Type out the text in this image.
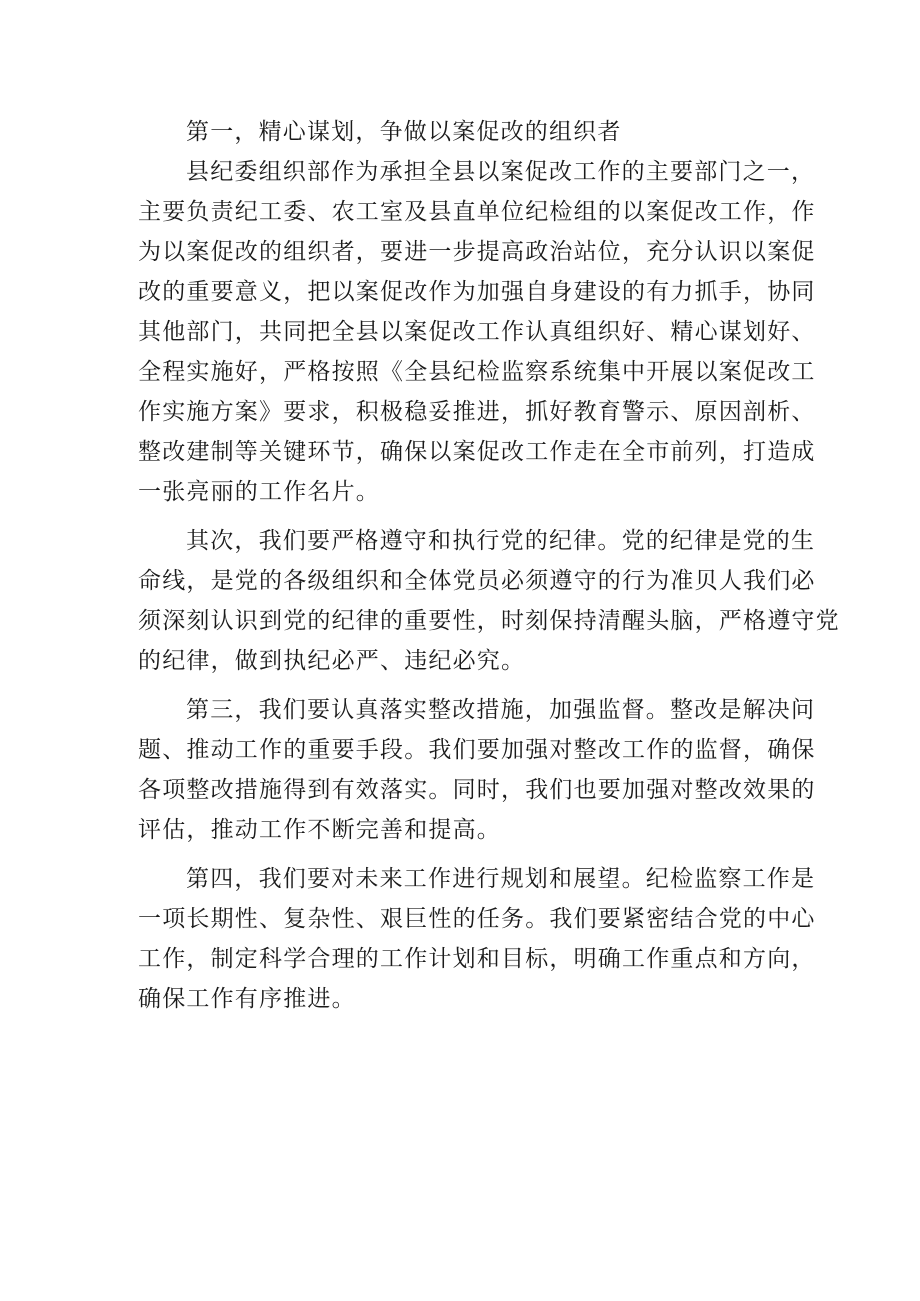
第一，精心谋划，争做以案促改的组织者
县纪委组织部作为承担全县以案促改工作的主要部门之一，
主要负责纪工委、农工室及县直单位纪检组的以案促改工作，作
为以案促改的组织者，要进一步提高政治站位，充分认识以案促
改的重要意义，把以案促改作为加强自身建设的有力抓手，协同
其他部门，共同把全县以案促改工作认真组织好、精心谋划好、
全程实施好，严格按照《全县纪检监察系统集中开展以案促改工
作实施方案》要求，积极稳妥推进，抓好教育警示、原因剖析、
整改建制等关键环节，确保以案促改工作走在全市前列，打造成
一张亮丽的工作名片。
其次，我们要严格遵守和执行党的纪律。党的纪律是党的生
命线，是党的各级组织和全体党员必须遵守的行为准贝人我们必
须深刻认识到党的纪律的重要性，时刻保持清醒头脑，严格遵守党
的纪律，做到执纪必严、违纪必究。
第三，我们要认真落实整改措施，加强监督。整改是解决问
题、推动工作的重要手段。我们要加强对整改工作的监督，确保
各项整改措施得到有效落实。同时，我们也要加强对整改效果的
评估，推动工作不断完善和提高。
第四，我们要对未来工作进行规划和展望。纪检监察工作是
一项长期性、复杂性、艰巨性的任务。我们要紧密结合党的中心
工作，制定科学合理的工作计划和目标，明确工作重点和方向，
确保工作有序推进。
